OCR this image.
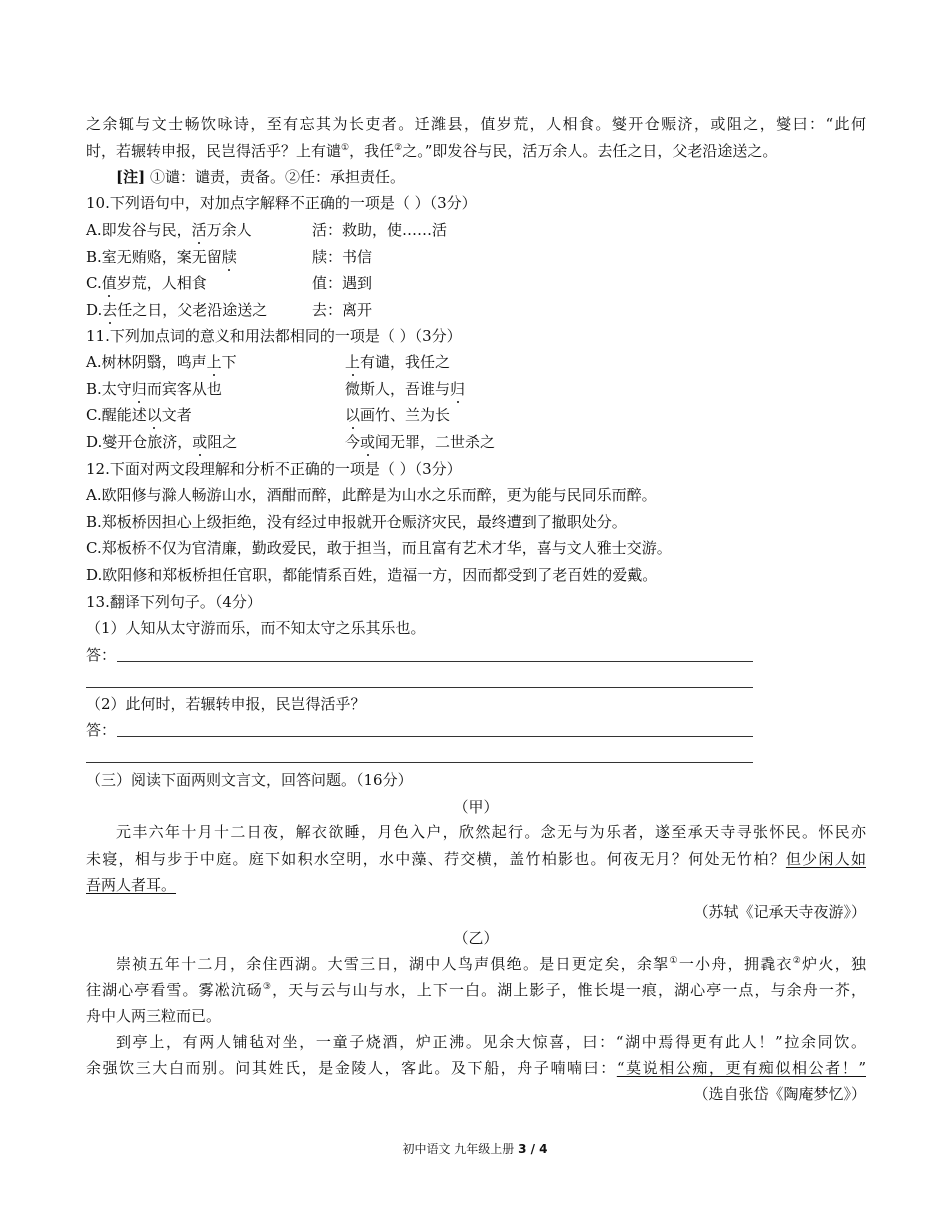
之余辄与文士畅饮咏诗，至有忘其为长吏者。迁潍县，值岁荒，人相食。燮开仓赈济，或阻之，燮曰：“此何
时，若辗转申报，民岂得活乎？上有谴①，我任②之。”即发谷与民，活万余人。去任之日，父老沿途送之。
[注] ①谴：谴责，责备。②任：承担责任。
10.下列语句中，对加点字解释不正确的一项是（ ）（3分）
A.即发谷与民，活万余人	活：救助，使……活
B.室无贿赂，案无留牍	牍：书信
C.值岁荒，人相食	值：遇到
D.去任之日，父老沿途送之	去：离开
11.下列加点词的意义和用法都相同的一项是（ ）（3分）
A.树林阴翳，鸣声上下	上有谴，我任之
B.太守归而宾客从也	微斯人，吾谁与归
C.醒能述以文者	以画竹、兰为长
D.燮开仓旅济，或阻之	今或闻无罪，二世杀之
12.下面对两文段理解和分析不正确的一项是（ ）（3分）
A.欧阳修与滁人畅游山水，酒酣而醉，此醉是为山水之乐而醉，更为能与民同乐而醉。
B.郑板桥因担心上级拒绝，没有经过申报就开仓赈济灾民，最终遭到了撤职处分。
C.郑板桥不仅为官清廉，勤政爱民，敢于担当，而且富有艺术才华，喜与文人雅士交游。
D.欧阳修和郑板桥担任官职，都能情系百姓，造福一方，因而都受到了老百姓的爱戴。
13.翻译下列句子。（4分）
（1）人知从太守游而乐，而不知太守之乐其乐也。
答：
（2）此何时，若辗转申报，民岂得活乎？
答：
（三）阅读下面两则文言文，回答问题。（16分）
（甲）
元丰六年十月十二日夜，解衣欲睡，月色入户，欣然起行。念无与为乐者，遂至承天寺寻张怀民。怀民亦
未寝，相与步于中庭。庭下如积水空明，水中藻、荇交横，盖竹柏影也。何夜无月？何处无竹柏？但少闲人如
吾两人者耳。
（苏轼《记承天寺夜游》）
（乙）
崇祯五年十二月，余住西湖。大雪三日，湖中人鸟声俱绝。是日更定矣，余挐①一小舟，拥毳衣②炉火，独
往湖心亭看雪。雾凇沆砀③，天与云与山与水，上下一白。湖上影子，惟长堤一痕，湖心亭一点，与余舟一芥，
舟中人两三粒而已。
到亭上，有两人铺毡对坐，一童子烧酒，炉正沸。见余大惊喜，曰：“湖中焉得更有此人！”拉余同饮。
余强饮三大白而别。问其姓氏，是金陵人，客此。及下船，舟子喃喃曰：“莫说相公痴，更有痴似相公者！”
（选自张岱《陶庵梦忆》）
初中语文 九年级上册 3 / 4
